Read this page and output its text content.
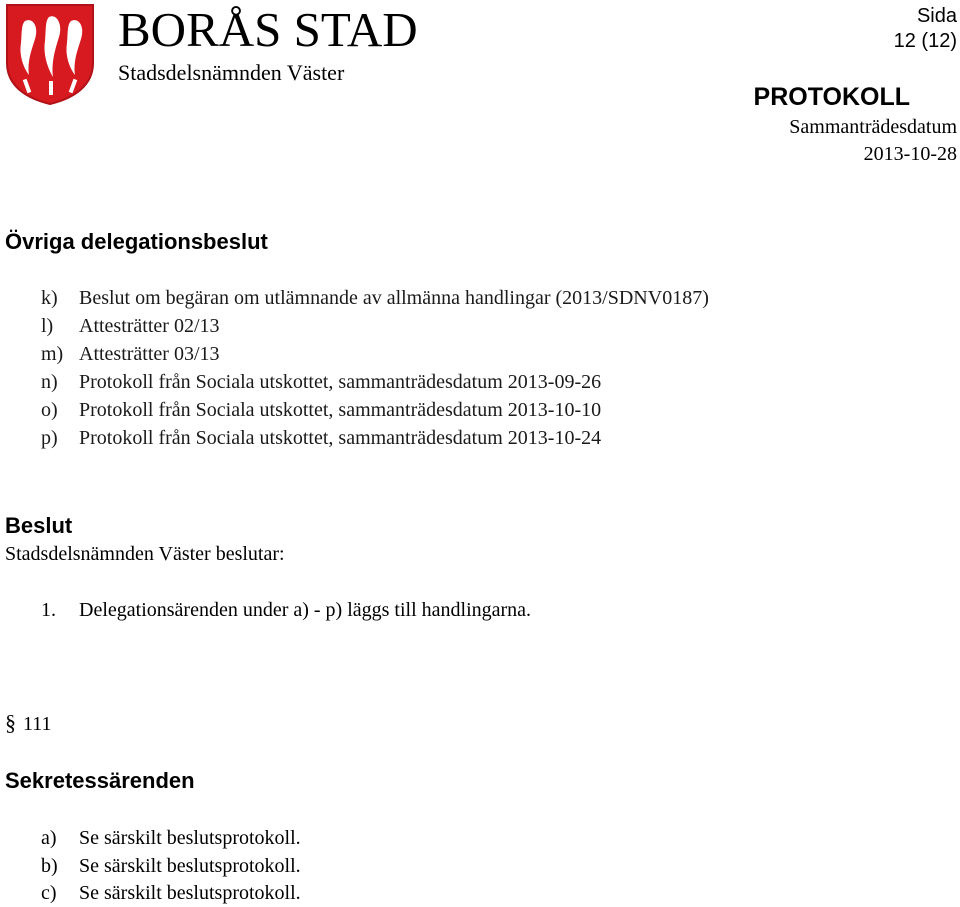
BORÅS STAD
Stadsdelsnämnden Väster
Sida
12 (12)
PROTOKOLL
Sammanträdesdatum
2013-10-28
Övriga delegationsbeslut
k) Beslut om begäran om utlämnande av allmänna handlingar (2013/SDNV0187)
l) Attesträtter 02/13
m) Attesträtter 03/13
n) Protokoll från Sociala utskottet, sammanträdesdatum 2013-09-26
o) Protokoll från Sociala utskottet, sammanträdesdatum 2013-10-10
p) Protokoll från Sociala utskottet, sammanträdesdatum 2013-10-24
Beslut
Stadsdelsnämnden Väster beslutar:
1. Delegationsärenden under a) - p) läggs till handlingarna.
§ 111
Sekretessärenden
a) Se särskilt beslutsprotokoll.
b) Se särskilt beslutsprotokoll.
c) Se särskilt beslutsprotokoll.
